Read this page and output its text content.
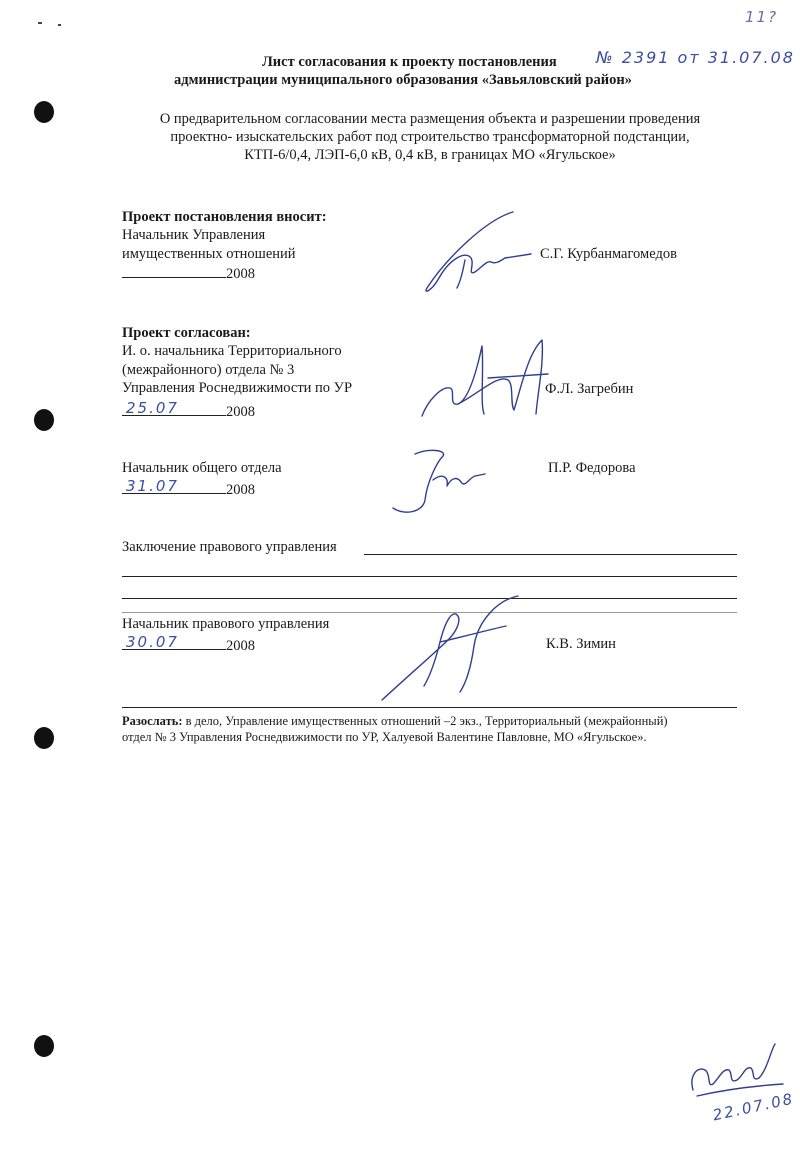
11?
Лист согласования к проекту постановления № 2391 от 31.07.08
администрации муниципального образования «Завьяловский район»
О предварительном согласовании места размещения объекта и разрешении проведения
проектно- изыскательских работ под строительство трансформаторной подстанции,
КТП-6/0,4, ЛЭП-6,0 кВ, 0,4 кВ, в границах МО «Ягульское»
Проект постановления вносит:
Начальник Управления
имущественных отношений
2008
С.Г. Курбанмагомедов
Проект согласован:
И. о. начальника Территориального
(межрайонного) отдела № 3
Управления Роснедвижимости по УР
25.07	2008
Ф.Л. Загребин
Начальник общего отдела
31.07	2008
П.Р. Федорова
Заключение правового управления
Начальник правового управления
30.07	2008	К.В. Зимин
Разослать: в дело, Управление имущественных отношений –2 экз., Территориальный (межрайонный)
отдел № 3 Управления Роснедвижимости по УР, Халуевой Валентине Павловне, МО «Ягульское».
22.07.08
